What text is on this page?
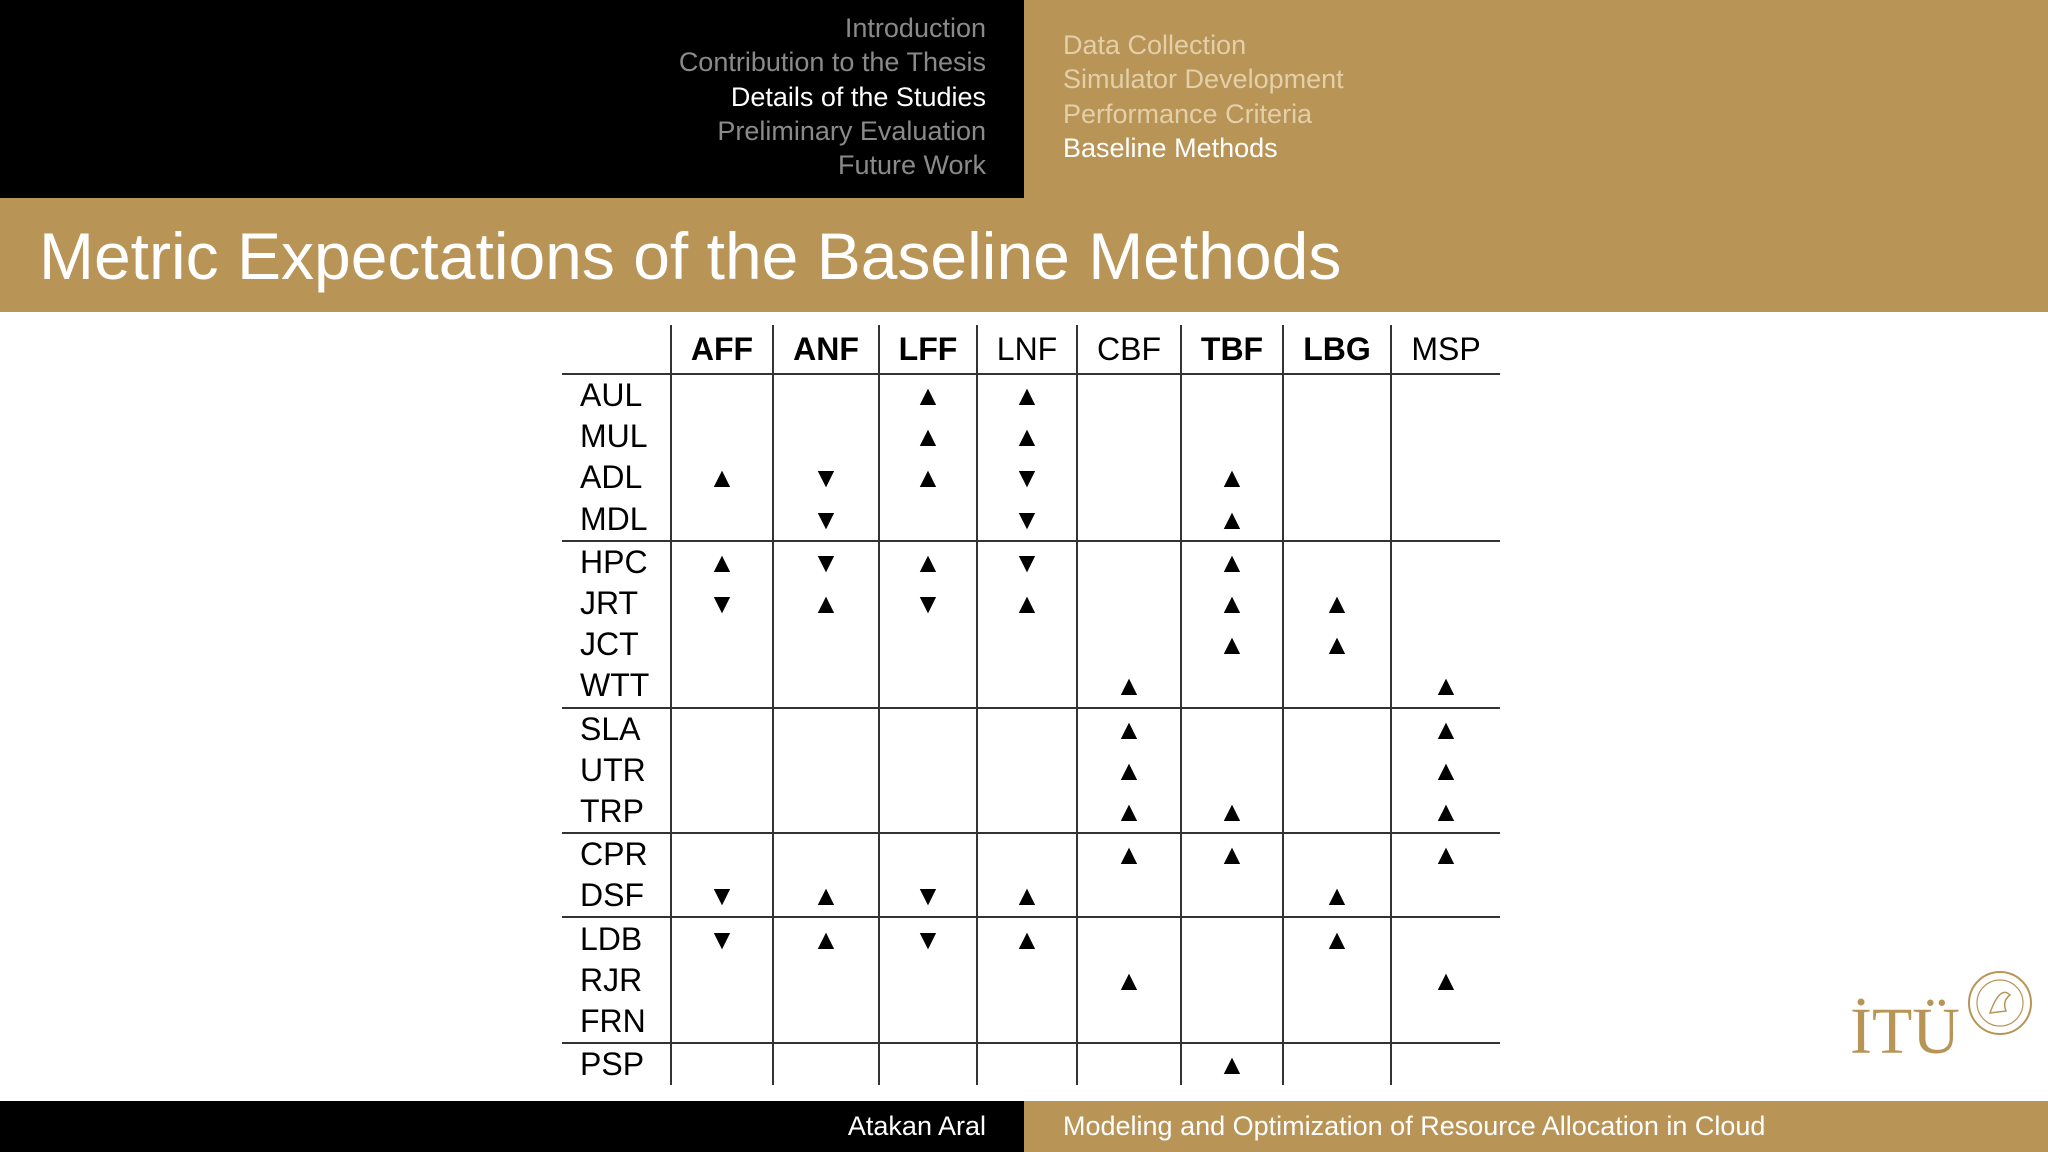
Introduction
Contribution to the Thesis
Details of the Studies
Preliminary Evaluation
Future Work
Data Collection
Simulator Development
Performance Criteria
Baseline Methods
Metric Expectations of the Baseline Methods
	AFF	ANF	LFF	LNF	CBF	TBF	LBG	MSP
AUL			▲	▲				
MUL			▲	▲				
ADL	▲	▼	▲	▼		▲		
MDL		▼		▼		▲		
HPC	▲	▼	▲	▼		▲		
JRT	▼	▲	▼	▲		▲	▲	
JCT						▲	▲	
WTT					▲			▲
SLA					▲			▲
UTR					▲			▲
TRP					▲	▲		▲
CPR					▲	▲		▲
DSF	▼	▲	▼	▲			▲	
LDB	▼	▲	▼	▲			▲	
RJR					▲			▲
FRN								
PSP						▲			İTÜ
Atakan Aral	Modeling and Optimization of Resource Allocation in Cloud
